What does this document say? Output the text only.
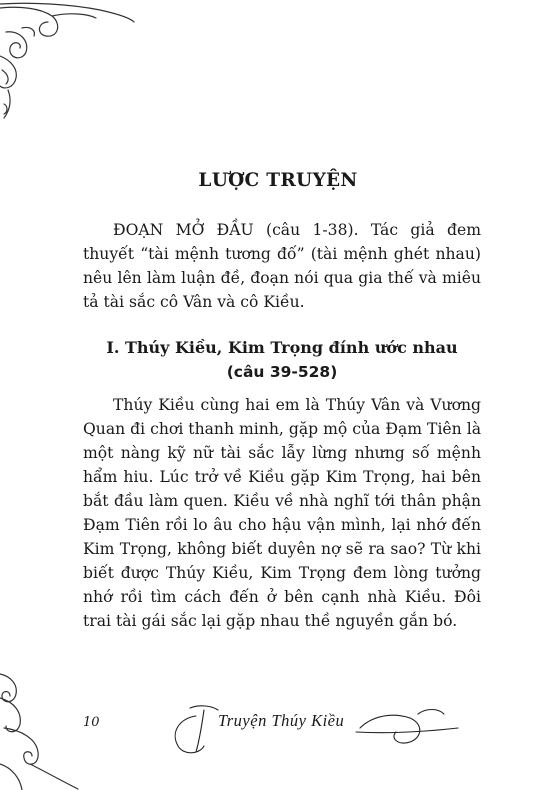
LƯỢC TRUYỆN

ĐOẠN MỞ ĐẦU (câu 1-38). Tác giả đem thuyết “tài mệnh tương đố” (tài mệnh ghét nhau) nêu lên làm luận đề, đoạn nói qua gia thế và miêu tả tài sắc cô Vân và cô Kiều.

I. Thúy Kiều, Kim Trọng đính ước nhau
(câu 39-528)

Thúy Kiều cùng hai em là Thúy Vân và Vương Quan đi chơi thanh minh, gặp mộ của Đạm Tiên là một nàng kỹ nữ tài sắc lẫy lừng nhưng số mệnh hẩm hiu. Lúc trở về Kiều gặp Kim Trọng, hai bên bắt đầu làm quen. Kiều về nhà nghĩ tới thân phận Đạm Tiên rồi lo âu cho hậu vận mình, lại nhớ đến Kim Trọng, không biết duyên nợ sẽ ra sao? Từ khi biết được Thúy Kiều, Kim Trọng đem lòng tưởng nhớ rồi tìm cách đến ở bên cạnh nhà Kiều. Đôi trai tài gái sắc lại gặp nhau thề nguyền gắn bó.

10	Truyện Thúy Kiều
